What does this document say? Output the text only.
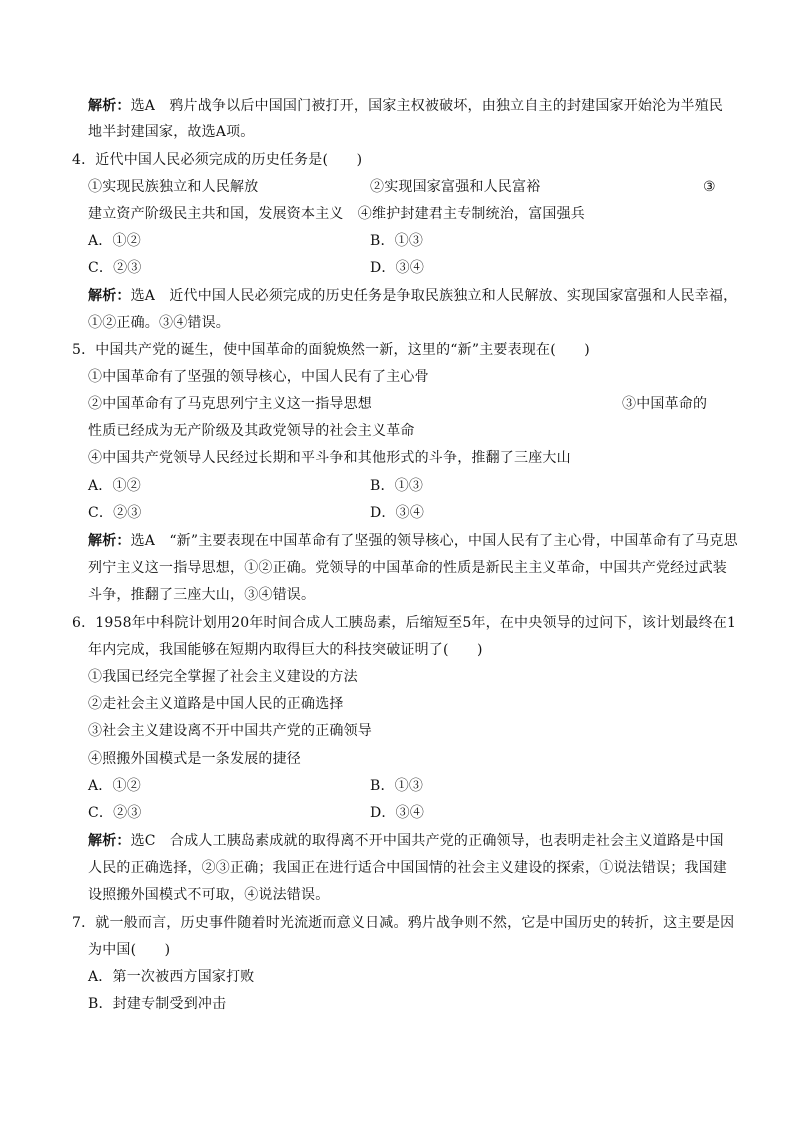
解析：选A　鸦片战争以后中国国门被打开，国家主权被破坏，由独立自主的封建国家开始沦为半殖民
地半封建国家，故选A项。
4．近代中国人民必须完成的历史任务是(　　)
①实现民族独立和人民解放	②实现国家富强和人民富裕	③
建立资产阶级民主共和国，发展资本主义　④维护封建君主专制统治，富国强兵
A．①②	B．①③
C．②③	D．③④
解析：选A　近代中国人民必须完成的历史任务是争取民族独立和人民解放、实现国家富强和人民幸福，
①②正确。③④错误。
5．中国共产党的诞生，使中国革命的面貌焕然一新，这里的“新”主要表现在(　　)
①中国革命有了坚强的领导核心，中国人民有了主心骨
②中国革命有了马克思列宁主义这一指导思想	③中国革命的
性质已经成为无产阶级及其政党领导的社会主义革命
④中国共产党领导人民经过长期和平斗争和其他形式的斗争，推翻了三座大山
A．①②	B．①③
C．②③	D．③④
解析：选A　“新”主要表现在中国革命有了坚强的领导核心，中国人民有了主心骨，中国革命有了马克思
列宁主义这一指导思想，①②正确。党领导的中国革命的性质是新民主主义革命，中国共产党经过武装
斗争，推翻了三座大山，③④错误。
6．1958年中科院计划用20年时间合成人工胰岛素，后缩短至5年，在中央领导的过问下，该计划最终在1
年内完成，我国能够在短期内取得巨大的科技突破证明了(　　)
①我国已经完全掌握了社会主义建设的方法
②走社会主义道路是中国人民的正确选择
③社会主义建设离不开中国共产党的正确领导
④照搬外国模式是一条发展的捷径
A．①②	B．①③
C．②③	D．③④
解析：选C　合成人工胰岛素成就的取得离不开中国共产党的正确领导，也表明走社会主义道路是中国
人民的正确选择，②③正确；我国正在进行适合中国国情的社会主义建设的探索，①说法错误；我国建
设照搬外国模式不可取，④说法错误。
7．就一般而言，历史事件随着时光流逝而意义日减。鸦片战争则不然，它是中国历史的转折，这主要是因
为中国(　　)
A．第一次被西方国家打败
B．封建专制受到冲击
